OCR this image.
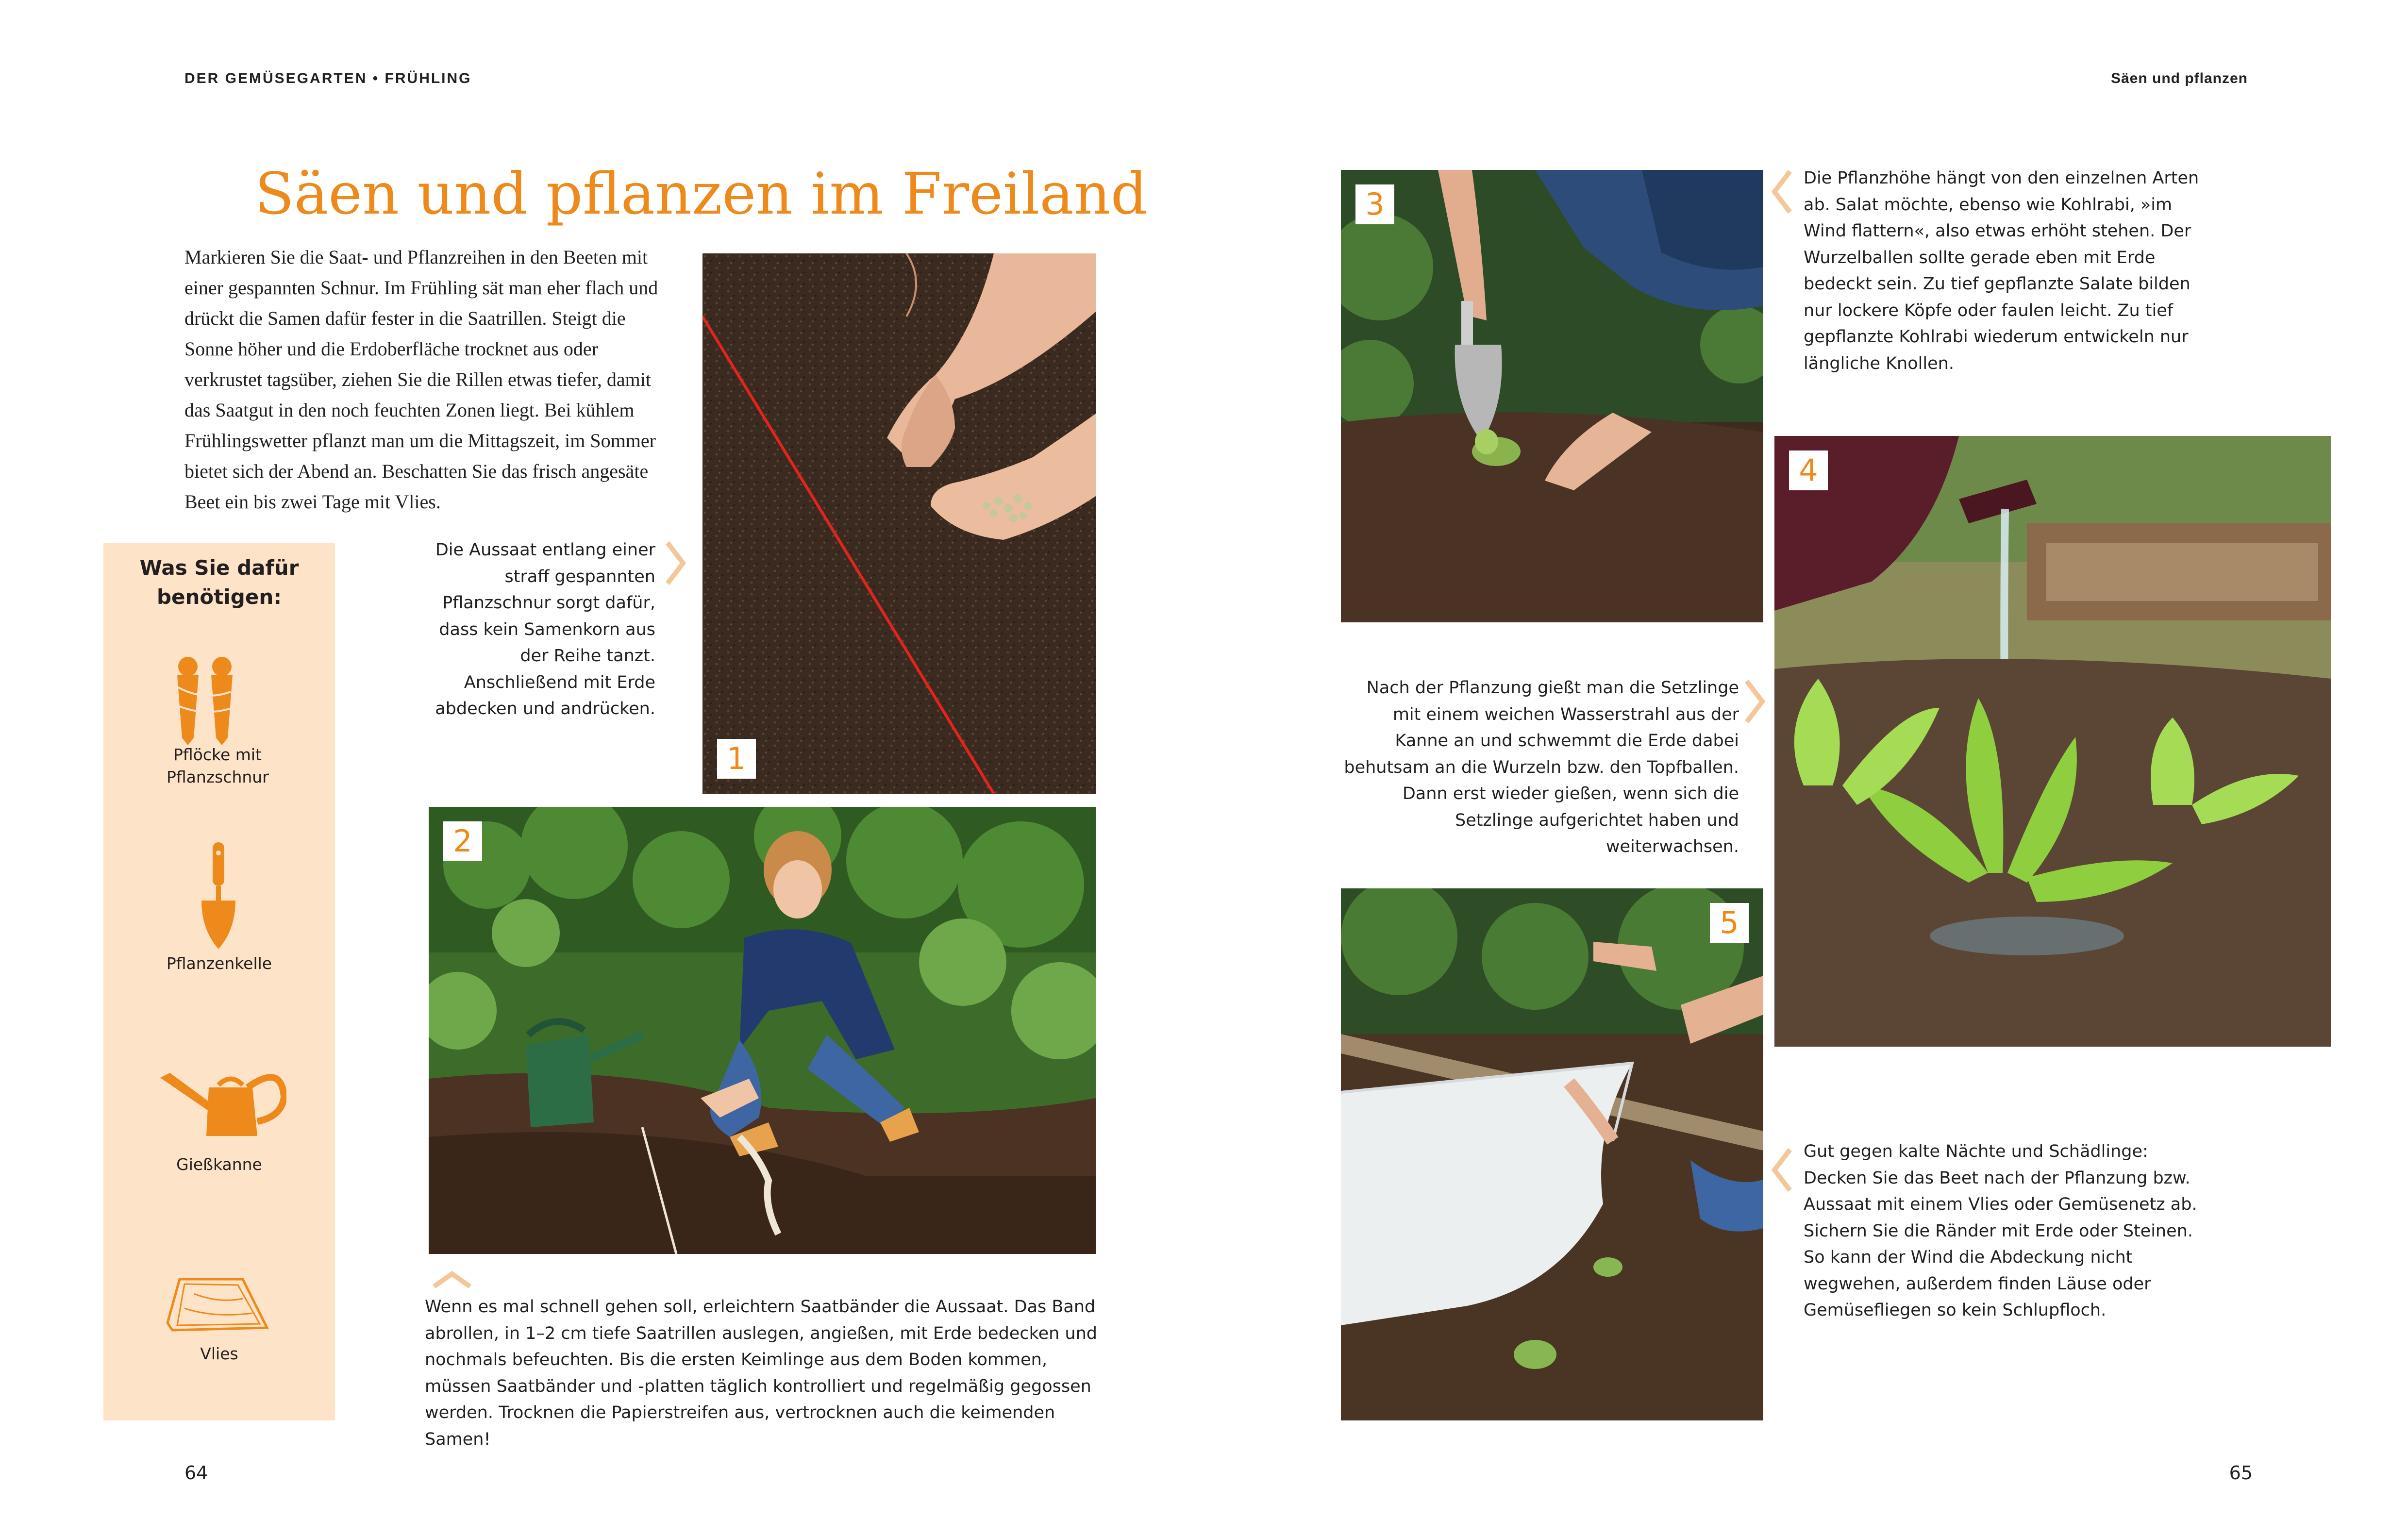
DER GEMÜSEGARTEN • FRÜHLING	Säen und pflanzen
Säen und pflanzen im Freiland
Markieren Sie die Saat- und Pflanzreihen in den Beeten mit einer gespannten Schnur. Im Frühling sät man eher flach und drückt die Samen dafür fester in die Saatrillen. Steigt die Sonne höher und die Erdoberfläche trocknet aus oder verkrustet tagsüber, ziehen Sie die Rillen etwas tiefer, damit das Saatgut in den noch feuchten Zonen liegt. Bei kühlem Frühlingswetter pflanzt man um die Mittagszeit, im Sommer bietet sich der Abend an. Beschatten Sie das frisch angesäte Beet ein bis zwei Tage mit Vlies.
1
Die Aussaat entlang einer straff gespannten Pflanzschnur sorgt dafür, dass kein Samenkorn aus der Reihe tanzt. Anschließend mit Erde abdecken und andrücken.
2
Wenn es mal schnell gehen soll, erleichtern Saatbänder die Aussaat. Das Band abrollen, in 1–2 cm tiefe Saatrillen auslegen, angießen, mit Erde bedecken und nochmals befeuchten. Bis die ersten Keimlinge aus dem Boden kommen, müssen Saatbänder und -platten täglich kontrolliert und regelmäßig gegossen werden. Trocknen die Papierstreifen aus, vertrocknen auch die keimenden Samen!
Was Sie dafür benötigen:
Pflöcke mit Pflanzschnur
Pflanzenkelle
Gießkanne
Vlies
3
Die Pflanzhöhe hängt von den einzelnen Arten ab. Salat möchte, ebenso wie Kohlrabi, »im Wind flattern«, also etwas erhöht stehen. Der Wurzelballen sollte gerade eben mit Erde bedeckt sein. Zu tief gepflanzte Salate bilden nur lockere Köpfe oder faulen leicht. Zu tief gepflanzte Kohlrabi wiederum entwickeln nur längliche Knollen.
Nach der Pflanzung gießt man die Setzlinge mit einem weichen Wasserstrahl aus der Kanne an und schwemmt die Erde dabei behutsam an die Wurzeln bzw. den Topfballen. Dann erst wieder gießen, wenn sich die Setzlinge aufgerichtet haben und weiterwachsen.
4
5
Gut gegen kalte Nächte und Schädlinge: Decken Sie das Beet nach der Pflanzung bzw. Aussaat mit einem Vlies oder Gemüsenetz ab. Sichern Sie die Ränder mit Erde oder Steinen. So kann der Wind die Abdeckung nicht wegwehen, außerdem finden Läuse oder Gemüsefliegen so kein Schlupfloch.
64	65
